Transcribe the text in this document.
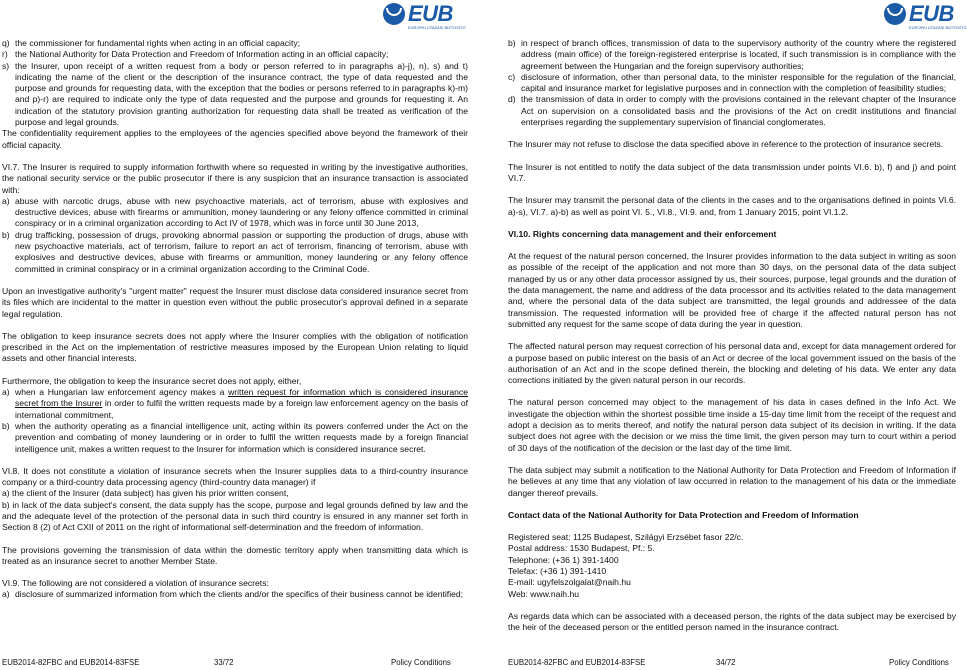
EUB
EUROPAI UTAZÁSI BIZTOSÍTÓ
EUB
EUROPAI UTAZÁSI BIZTOSÍTÓ
q) the commissioner for fundamental rights when acting in an official capacity;
r) the National Authority for Data Protection and Freedom of Information acting in an official capacity;
s) the Insurer, upon receipt of a written request from a body or person referred to in paragraphs a)-j), n), s) and t) indicating the name of the client or the description of the insurance contract, the type of data requested and the purpose and grounds for requesting data, with the exception that the bodies or persons referred to in paragraphs k)-m) and p)-r) are required to indicate only the type of data requested and the purpose and grounds for requesting it. An indication of the statutory provision granting authorization for requesting data shall be treated as verification of the purpose and legal grounds.

The confidentiality requirement applies to the employees of the agencies specified above beyond the framework of their official capacity.

VI.7. The Insurer is required to supply information forthwith where so requested in writing by the investigative authorities, the national security service or the public prosecutor if there is any suspicion that an insurance transaction is associated with:

a) abuse with narcotic drugs, abuse with new psychoactive materials, act of terrorism, abuse with explosives and destructive devices, abuse with firearms or ammunition, money laundering or any felony offence committed in criminal conspiracy or in a criminal organization according to Act IV of 1978, which was in force until 30 June 2013,
b) drug trafficking, possession of drugs, provoking abnormal passion or supporting the production of drugs, abuse with new psychoactive materials, act of terrorism, failure to report an act of terrorism, financing of terrorism, abuse with explosives and destructive devices, abuse with firearms or ammunition, money laundering or any felony offence committed in criminal conspiracy or in a criminal organization according to the Criminal Code.

Upon an investigative authority's "urgent matter" request the Insurer must disclose data considered insurance secret from its files which are incidental to the matter in question even without the public prosecutor's approval defined in a separate legal regulation.

The obligation to keep insurance secrets does not apply where the Insurer complies with the obligation of notification prescribed in the Act on the implementation of restrictive measures imposed by the European Union relating to liquid assets and other financial interests.

Furthermore, the obligation to keep the insurance secret does not apply, either,

a) when a Hungarian law enforcement agency makes a written request for information which is considered insurance secret from the Insurer in order to fulfil the written requests made by a foreign law enforcement agency on the basis of international commitment,
b) when the authority operating as a financial intelligence unit, acting within its powers conferred under the Act on the prevention and combating of money laundering or in order to fulfil the written requests made by a foreign financial intelligence unit, makes a written request to the Insurer for information which is considered insurance secret.

VI.8. It does not constitute a violation of insurance secrets when the Insurer supplies data to a third-country insurance company or a third-country data processing agency (third-country data manager) if

a) the client of the Insurer (data subject) has given his prior written consent,

b) in lack of the data subject's consent, the data supply has the scope, purpose and legal grounds defined by law and the and the adequate level of the protection of the personal data in such third country is ensured in any manner set forth in Section 8 (2) of Act CXII of 2011 on the right of informational self-determination and the freedom of information.

The provisions governing the transmission of data within the domestic territory apply when transmitting data which is treated as an insurance secret to another Member State.

VI.9. The following are not considered a violation of insurance secrets:

a) disclosure of summarized information from which the clients and/or the specifics of their business cannot be identified;
b) in respect of branch offices, transmission of data to the supervisory authority of the country where the registered address (main office) of the foreign-registered enterprise is located, if such transmission is in compliance with the agreement between the Hungarian and the foreign supervisory authorities;
c) disclosure of information, other than personal data, to the minister responsible for the regulation of the financial, capital and insurance market for legislative purposes and in connection with the completion of feasibility studies;
d) the transmission of data in order to comply with the provisions contained in the relevant chapter of the Insurance Act on supervision on a consolidated basis and the provisions of the Act on credit institutions and financial enterprises regarding the supplementary supervision of financial conglomerates.

The Insurer may not refuse to disclose the data specified above in reference to the protection of insurance secrets.

The Insurer is not entitled to notify the data subject of the data transmission under points VI.6. b), f) and j) and point VI.7.

The Insurer may transmit the personal data of the clients in the cases and to the organisations defined in points VI.6. a)-s), VI.7. a)-b) as well as point VI. 5., VI.8., VI.9. and, from 1 January 2015, point VI.1.2.

VI.10. Rights concerning data management and their enforcement

At the request of the natural person concerned, the Insurer provides information to the data subject in writing as soon as possible of the receipt of the application and not more than 30 days, on the personal data of the data subject managed by us or any other data processor assigned by us, their sources, purpose, legal grounds and the duration of the data management, the name and address of the data processor and its activities related to the data management and, where the personal data of the data subject are transmitted, the legal grounds and addressee of the data transmission. The requested information will be provided free of charge if the affected natural person has not submitted any request for the same scope of data during the year in question.

The affected natural person may request correction of his personal data and, except for data management ordered for a purpose based on public interest on the basis of an Act or decree of the local government issued on the basis of the authorisation of an Act and in the scope defined therein, the blocking and deleting of his data. We enter any data corrections initiated by the given natural person in our records.

The natural person concerned may object to the management of his data in cases defined in the Info Act. We investigate the objection within the shortest possible time inside a 15-day time limit from the receipt of the request and adopt a decision as to merits thereof, and notify the natural person data subject of its decision in writing. If the data subject does not agree with the decision or we miss the time limit, the given person may turn to court within a period of 30 days of the notification of the decision or the last day of the time limit.

The data subject may submit a notification to the National Authority for Data Protection and Freedom of Information if he believes at any time that any violation of law occurred in relation to the management of his data or the immediate danger thereof prevails.

Contact data of the National Authority for Data Protection and Freedom of Information

Registered seat: 1125 Budapest, Szilágyi Erzsébet fasor 22/c.

Postal address: 1530 Budapest, Pf.: 5.

Telephone: (+36 1) 391-1400

Telefax: (+36 1) 391-1410

E-mail: ugyfelszolgalat@naih.hu

Web: www.naih.hu

As regards data which can be associated with a deceased person, the rights of the data subject may be exercised by the heir of the deceased person or the entitled person named in the insurance contract.

EUB2014-82FBC and EUB2014-83FSE	33/72	Policy Conditions	EUB2014-82FBC and EUB2014-83FSE	34/72	Policy Conditions
